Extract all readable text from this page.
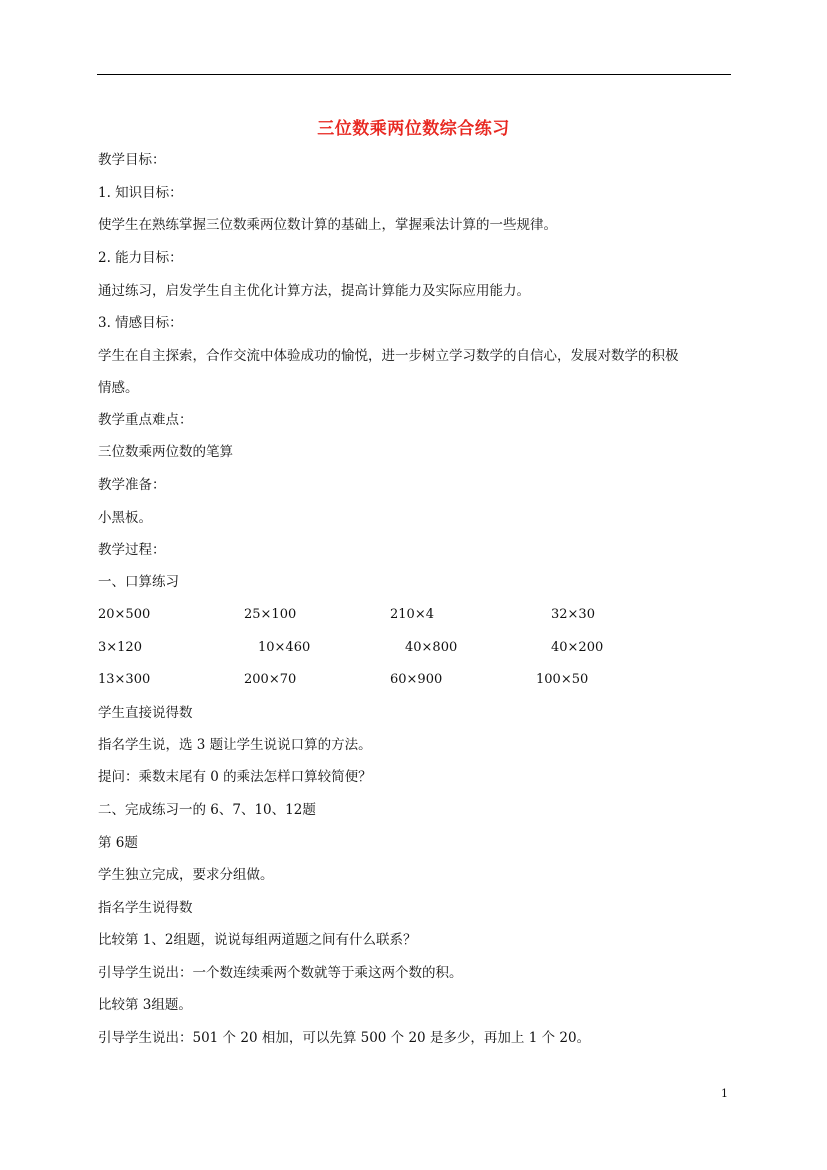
三位数乘两位数综合练习
教学目标：
1. 知识目标：
使学生在熟练掌握三位数乘两位数计算的基础上，掌握乘法计算的一些规律。
2. 能力目标：
通过练习，启发学生自主优化计算方法，提高计算能力及实际应用能力。
3. 情感目标：
学生在自主探索，合作交流中体验成功的愉悦，进一步树立学习数学的自信心，发展对数学的积极
情感。
教学重点难点：
三位数乘两位数的笔算
教学准备：
小黑板。
教学过程：
一、口算练习
20×500	25×100	210×4	32×30
3×120	10×460	40×800	40×200
13×300	200×70	60×900	100×50
学生直接说得数
指名学生说，选 3 题让学生说说口算的方法。
提问：乘数末尾有 0 的乘法怎样口算较简便？
二、完成练习一的 6、7、10、12题
第 6题
学生独立完成，要求分组做。
指名学生说得数
比较第 1、2组题，说说每组两道题之间有什么联系？
引导学生说出：一个数连续乘两个数就等于乘这两个数的积。
比较第 3组题。
引导学生说出：501 个 20 相加，可以先算 500 个 20 是多少，再加上 1 个 20。
1
